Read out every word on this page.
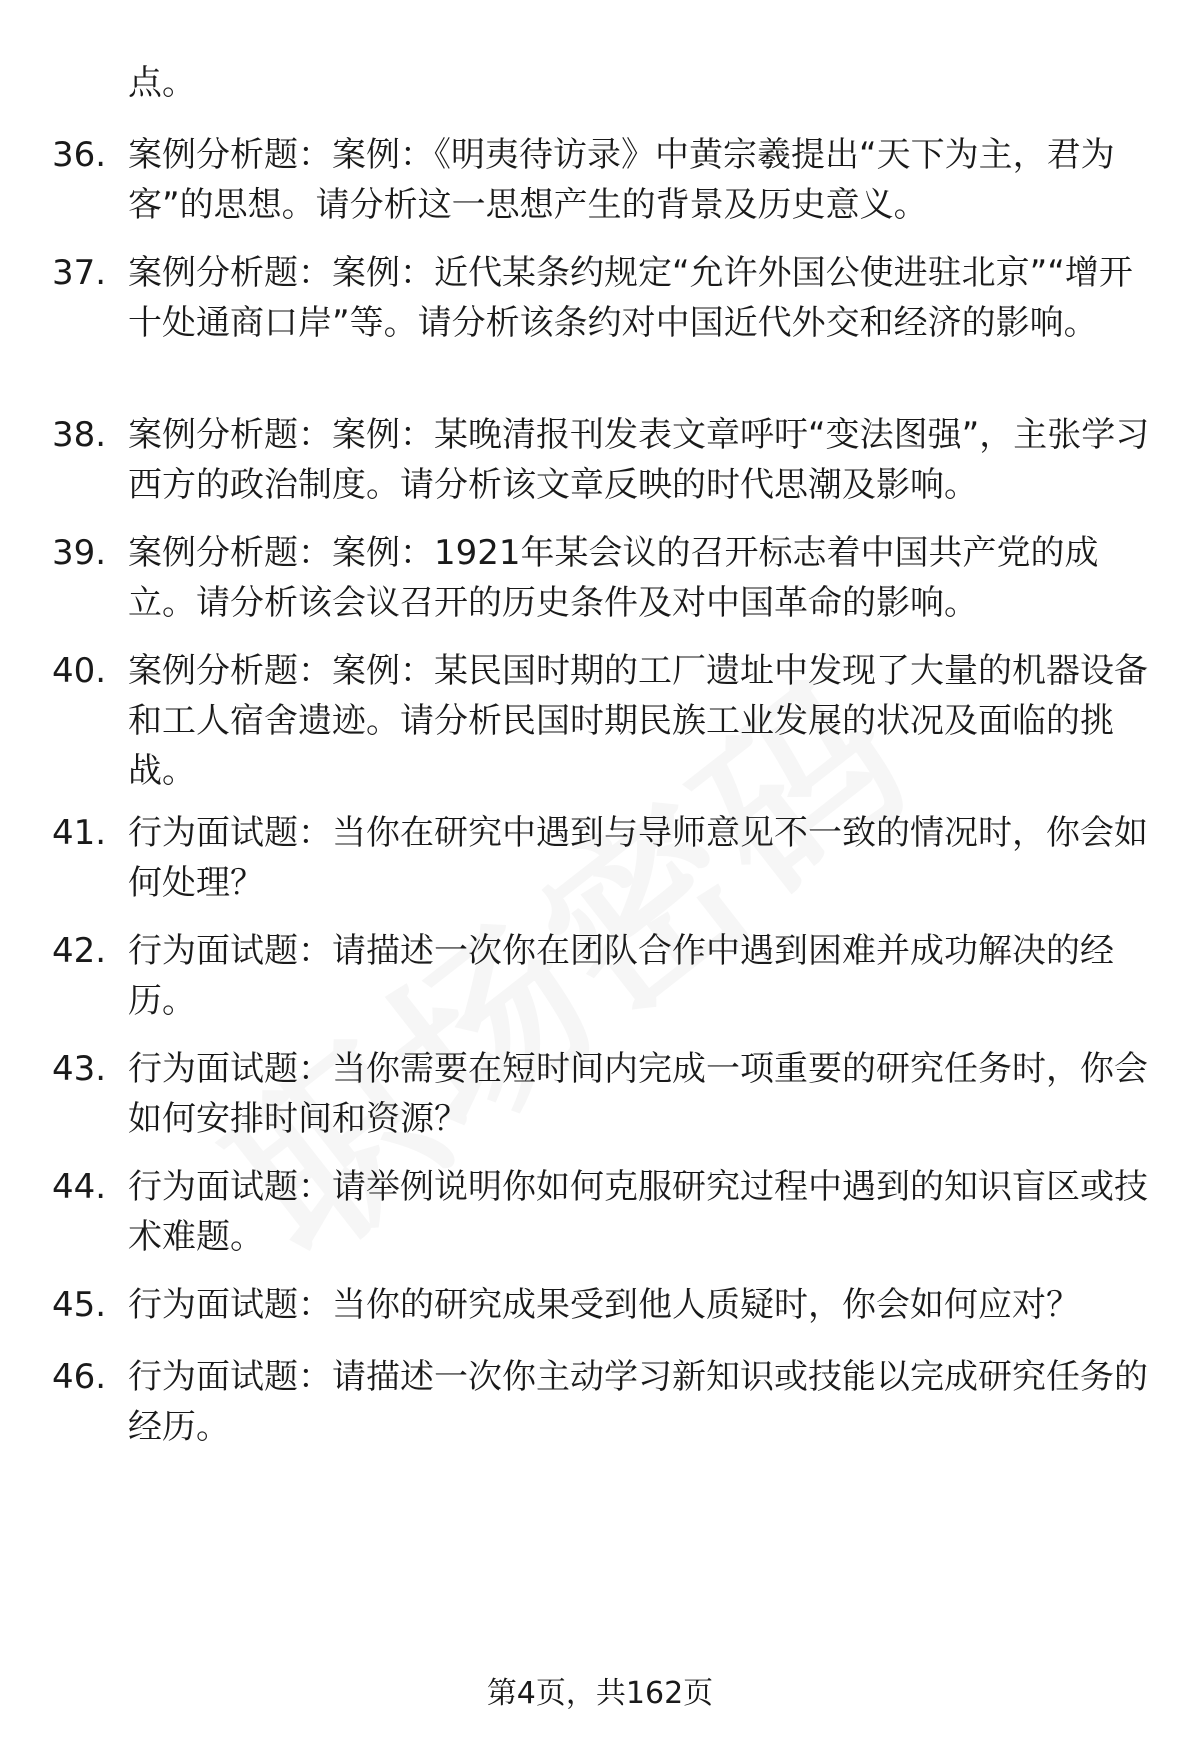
点。

36. 案例分析题：案例：《明夷待访录》中黄宗羲提出“天下为主，君为客”的思想。请分析这一思想产生的背景及历史意义。

37. 案例分析题：案例：近代某条约规定“允许外国公使进驻北京”“增开十处通商口岸”等。请分析该条约对中国近代外交和经济的影响。

38. 案例分析题：案例：某晚清报刊发表文章呼吁“变法图强”，主张学习西方的政治制度。请分析该文章反映的时代思潮及影响。

39. 案例分析题：案例：1921年某会议的召开标志着中国共产党的成立。请分析该会议召开的历史条件及对中国革命的影响。

40. 案例分析题：案例：某民国时期的工厂遗址中发现了大量的机器设备和工人宿舍遗迹。请分析民国时期民族工业发展的状况及面临的挑战。

41. 行为面试题：当你在研究中遇到与导师意见不一致的情况时，你会如何处理？

42. 行为面试题：请描述一次你在团队合作中遇到困难并成功解决的经历。

43. 行为面试题：当你需要在短时间内完成一项重要的研究任务时，你会如何安排时间和资源？

44. 行为面试题：请举例说明你如何克服研究过程中遇到的知识盲区或技术难题。

45. 行为面试题：当你的研究成果受到他人质疑时，你会如何应对？

46. 行为面试题：请描述一次你主动学习新知识或技能以完成研究任务的经历。

第4页，共162页
